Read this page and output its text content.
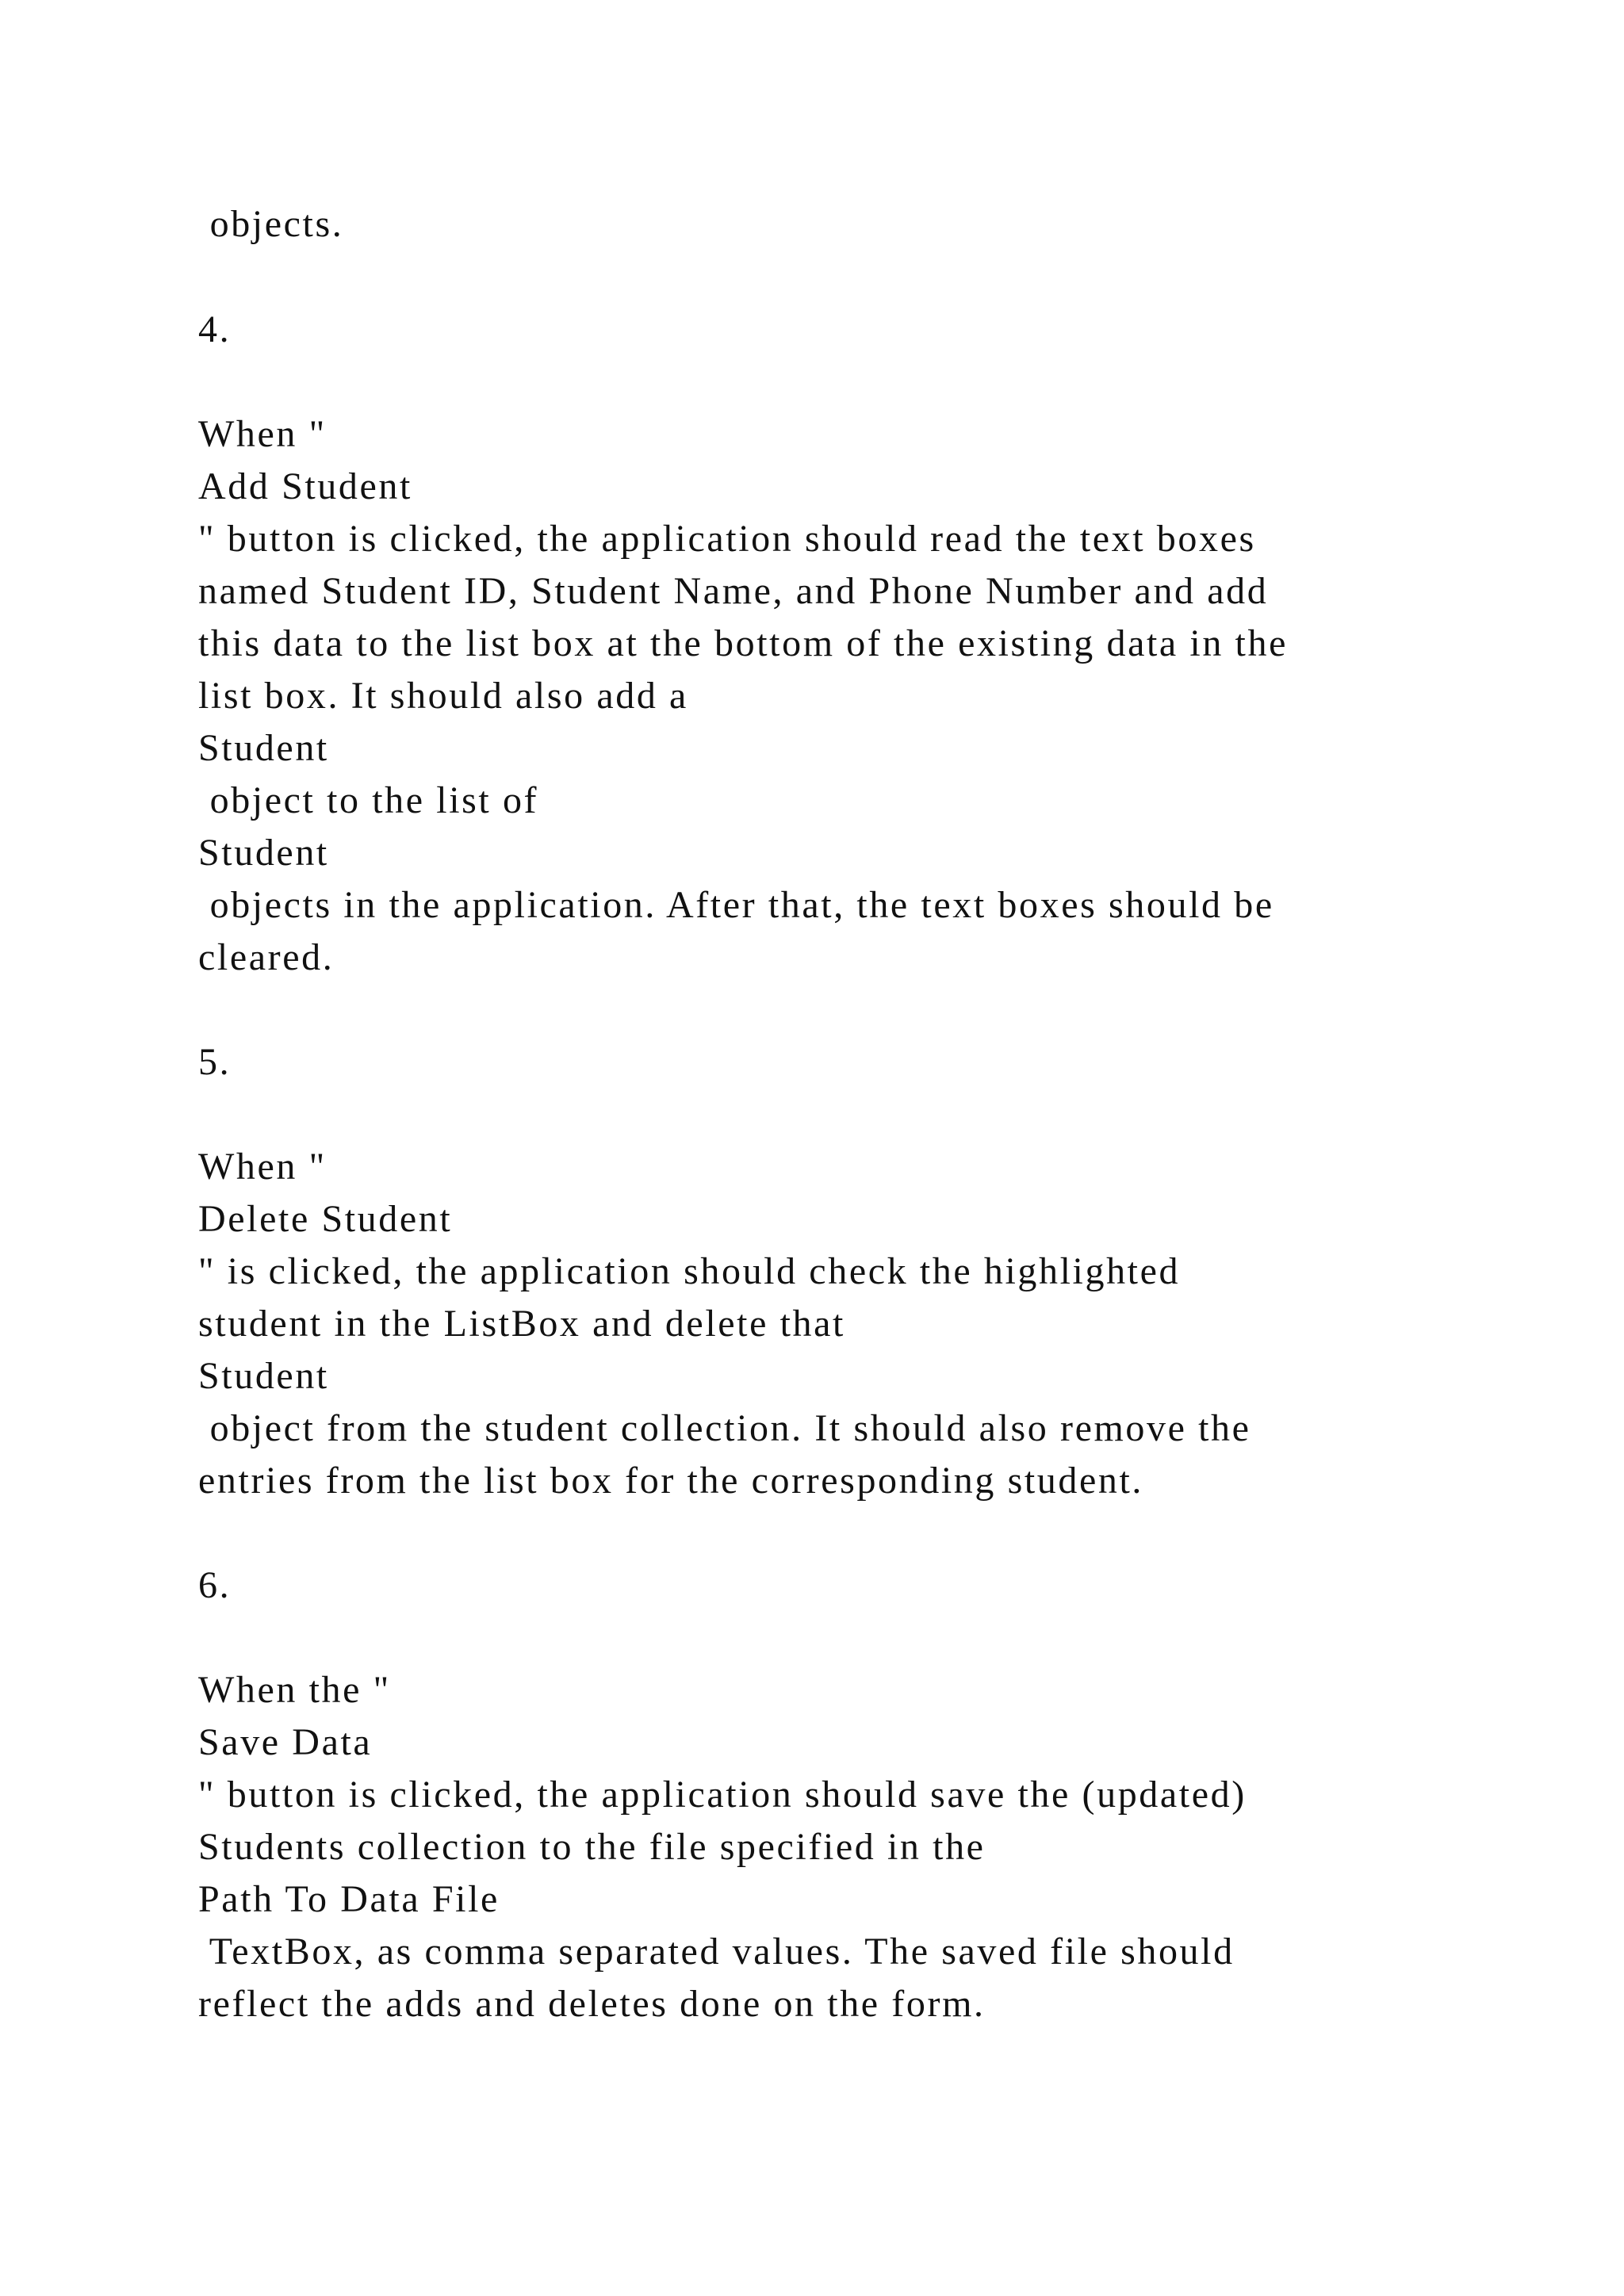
objects.

4.

When "

Add Student

" button is clicked, the application should read the text boxes

named Student ID, Student Name, and Phone Number and add

this data to the list box at the bottom of the existing data in the

list box. It should also add a

Student

object to the list of

Student

objects in the application. After that, the text boxes should be

cleared.

5.

When "

Delete Student

" is clicked, the application should check the highlighted

student in the ListBox and delete that

Student

object from the student collection. It should also remove the

entries from the list box for the corresponding student.

6.

When the "

Save Data

" button is clicked, the application should save the (updated)

Students collection to the file specified in the

Path To Data File

TextBox, as comma separated values. The saved file should

reflect the adds and deletes done on the form.
